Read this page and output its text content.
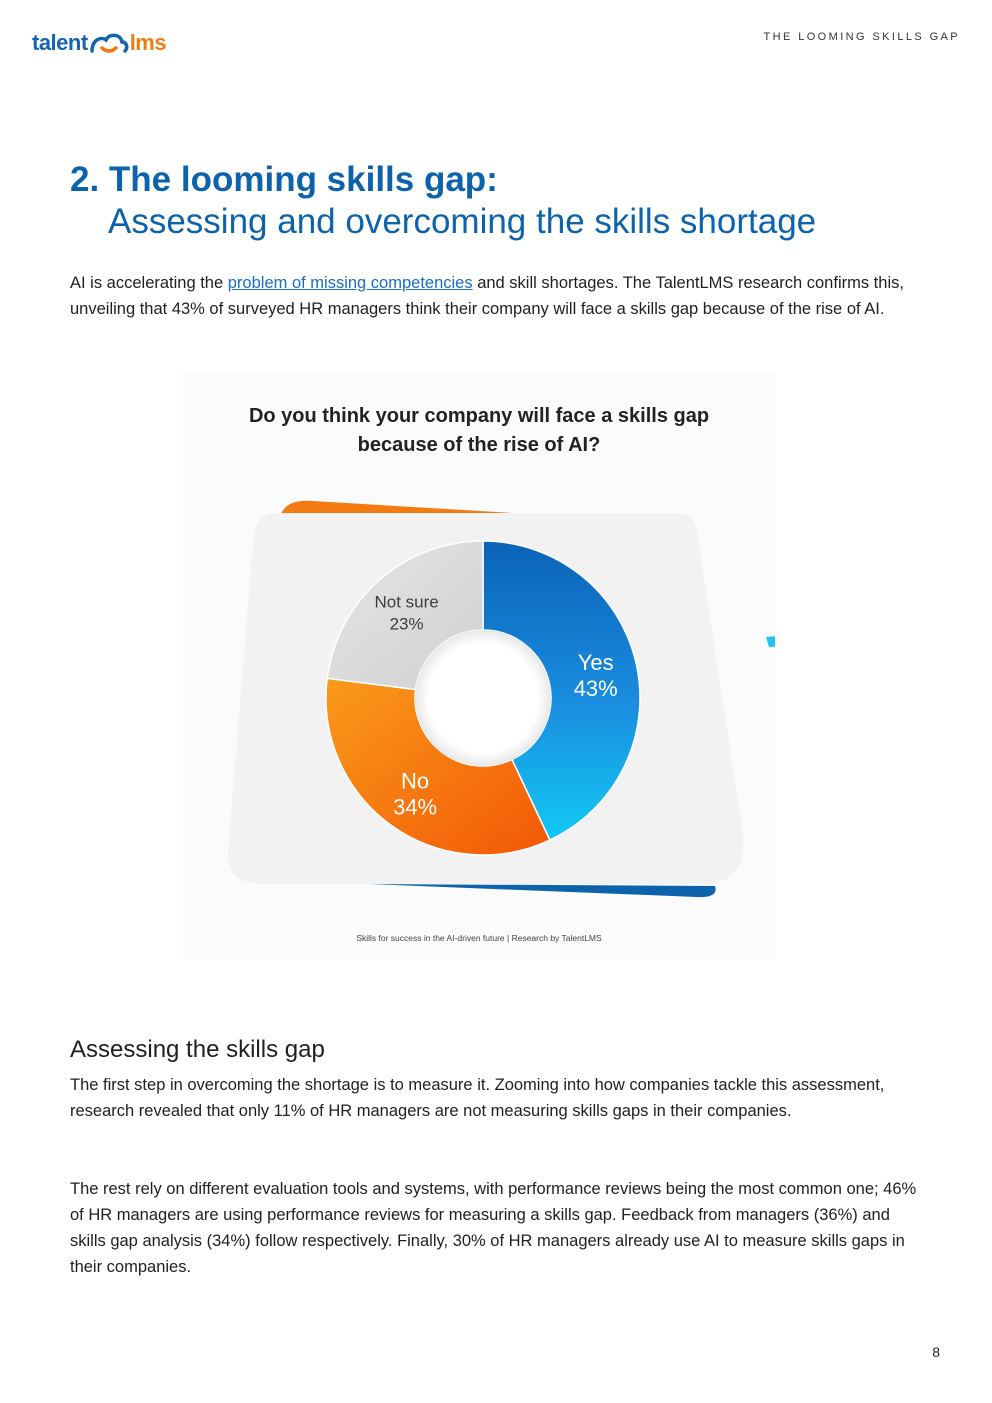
talent lms	THE LOOMING SKILLS GAP
2. The looming skills gap:
Assessing and overcoming the skills shortage

AI is accelerating the problem of missing competencies and skill shortages. The TalentLMS research confirms this, unveiling that 43% of surveyed HR managers think their company will face a skills gap because of the rise of AI.

Yes
43%
No
34%
Not sure
23%
Do you think your company will face a skills gap
because of the rise of AI?
Skills for success in the AI-driven future | Research by TalentLMS
Assessing the skills gap

The first step in overcoming the shortage is to measure it. Zooming into how companies tackle this assessment, research revealed that only 11% of HR managers are not measuring skills gaps in their companies.

The rest rely on different evaluation tools and systems, with performance reviews being the most common one; 46% of HR managers are using performance reviews for measuring a skills gap. Feedback from managers (36%) and skills gap analysis (34%) follow respectively. Finally, 30% of HR managers already use AI to measure skills gaps in their companies.

8
